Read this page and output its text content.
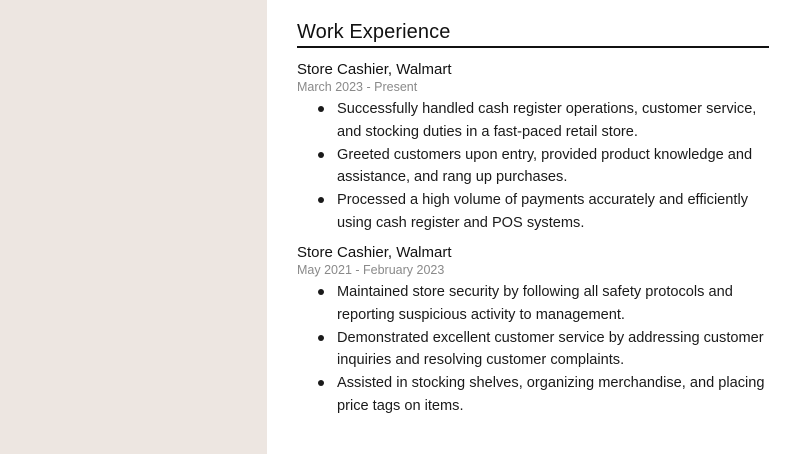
Work Experience
Store Cashier, Walmart
March 2023 - Present
Successfully handled cash register operations, customer service, and stocking duties in a fast-paced retail store.
Greeted customers upon entry, provided product knowledge and assistance, and rang up purchases.
Processed a high volume of payments accurately and efficiently using cash register and POS systems.
Store Cashier, Walmart
May 2021 - February 2023
Maintained store security by following all safety protocols and reporting suspicious activity to management.
Demonstrated excellent customer service by addressing customer inquiries and resolving customer complaints.
Assisted in stocking shelves, organizing merchandise, and placing price tags on items.
